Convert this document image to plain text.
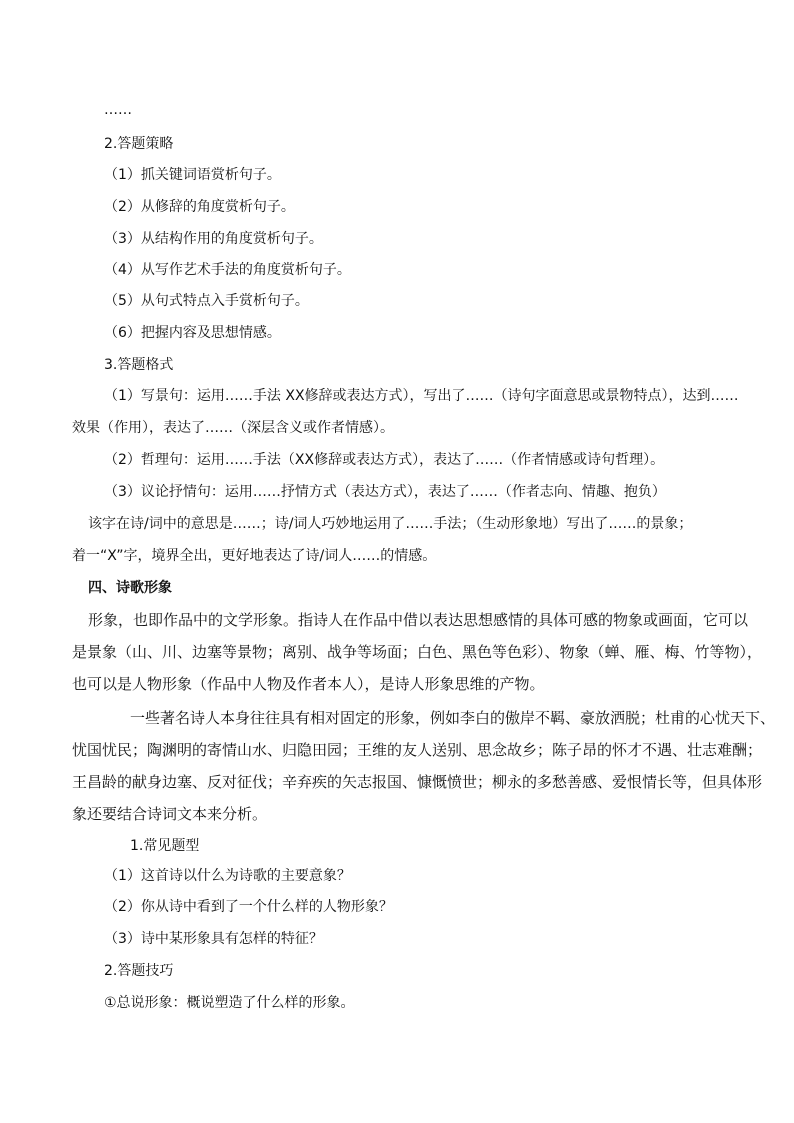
……

2.答题策略

（1）抓关键词语赏析句子。

（2）从修辞的角度赏析句子。

（3）从结构作用的角度赏析句子。

（4）从写作艺术手法的角度赏析句子。

（5）从句式特点入手赏析句子。

（6）把握内容及思想情感。

3.答题格式

（1）写景句：运用……手法 XX修辞或表达方式），写出了……（诗句字面意思或景物特点），达到……

效果（作用），表达了……（深层含义或作者情感）。

（2）哲理句：运用……手法（XX修辞或表达方式），表达了……（作者情感或诗句哲理）。

（3）议论抒情句：运用……抒情方式（表达方式），表达了……（作者志向、情趣、抱负）

该字在诗/词中的意思是……；诗/词人巧妙地运用了……手法；（生动形象地）写出了……的景象；

着一“X”字，境界全出，更好地表达了诗/词人……的情感。

四、诗歌形象

形象，也即作品中的文学形象。指诗人在作品中借以表达思想感情的具体可感的物象或画面，它可以

是景象（山、川、边塞等景物；离别、战争等场面；白色、黑色等色彩）、物象（蝉、雁、梅、竹等物），

也可以是人物形象（作品中人物及作者本人），是诗人形象思维的产物。

一些著名诗人本身往往具有相对固定的形象，例如李白的傲岸不羁、豪放洒脱；杜甫的心忧天下、

忧国忧民；陶渊明的寄情山水、归隐田园；王维的友人送别、思念故乡；陈子昂的怀才不遇、壮志难酬；

王昌龄的献身边塞、反对征伐；辛弃疾的矢志报国、慷慨愤世；柳永的多愁善感、爱恨情长等，但具体形

象还要结合诗词文本来分析。

1.常见题型

（1）这首诗以什么为诗歌的主要意象？

（2）你从诗中看到了一个什么样的人物形象？

（3）诗中某形象具有怎样的特征？

2.答题技巧

①总说形象：概说塑造了什么样的形象。
